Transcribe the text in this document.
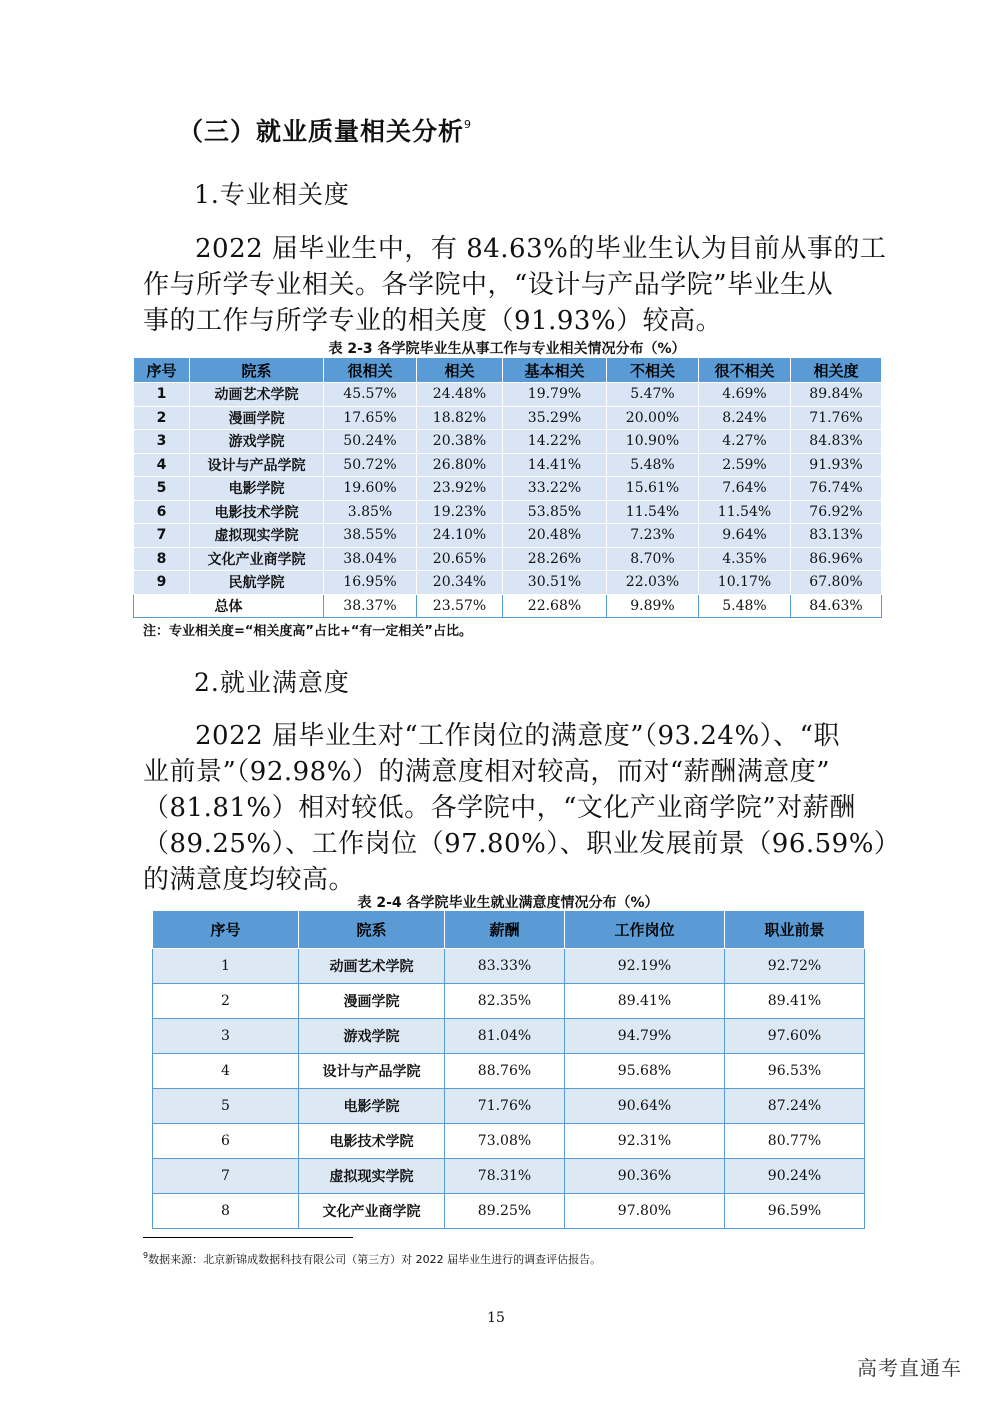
（三）就业质量相关分析$^9$
1.专业相关度
2022 届毕业生中，有 84.63%的毕业生认为目前从事的工
作与所学专业相关。各学院中，“设计与产品学院”毕业生从
事的工作与所学专业的相关度（91.93%）较高。
表 2-3 各学院毕业生从事工作与专业相关情况分布（%）
序号	院系	很相关	相关	基本相关	不相关	很不相关	相关度
1	动画艺术学院	45.57%	24.48%	19.79%	5.47%	4.69%	89.84%
2	漫画学院	17.65%	18.82%	35.29%	20.00%	8.24%	71.76%
3	游戏学院	50.24%	20.38%	14.22%	10.90%	4.27%	84.83%
4	设计与产品学院	50.72%	26.80%	14.41%	5.48%	2.59%	91.93%
5	电影学院	19.60%	23.92%	33.22%	15.61%	7.64%	76.74%
6	电影技术学院	3.85%	19.23%	53.85%	11.54%	11.54%	76.92%
7	虚拟现实学院	38.55%	24.10%	20.48%	7.23%	9.64%	83.13%
8	文化产业商学院	38.04%	20.65%	28.26%	8.70%	4.35%	86.96%
9	民航学院	16.95%	20.34%	30.51%	22.03%	10.17%	67.80%
总体		38.37%	23.57%	22.68%	9.89%	5.48%	84.63%
注：专业相关度=“相关度高”占比+“有一定相关”占比。
2.就业满意度
2022 届毕业生对“工作岗位的满意度”（93.24%）、“职
业前景”（92.98%）的满意度相对较高，而对“薪酬满意度”
（81.81%）相对较低。各学院中，“文化产业商学院”对薪酬
（89.25%）、工作岗位（97.80%）、职业发展前景（96.59%）
的满意度均较高。
表 2-4 各学院毕业生就业满意度情况分布（%）
序号	院系	薪酬	工作岗位	职业前景
1	动画艺术学院	83.33%	92.19%	92.72%
2	漫画学院	82.35%	89.41%	89.41%
3	游戏学院	81.04%	94.79%	97.60%
4	设计与产品学院	88.76%	95.68%	96.53%
5	电影学院	71.76%	90.64%	87.24%
6	电影技术学院	73.08%	92.31%	80.77%
7	虚拟现实学院	78.31%	90.36%	90.24%
8	文化产业商学院	89.25%	97.80%	96.59%
$^9$数据来源：北京新锦成数据科技有限公司（第三方）对 2022 届毕业生进行的调查评估报告。
15
高考直通车
